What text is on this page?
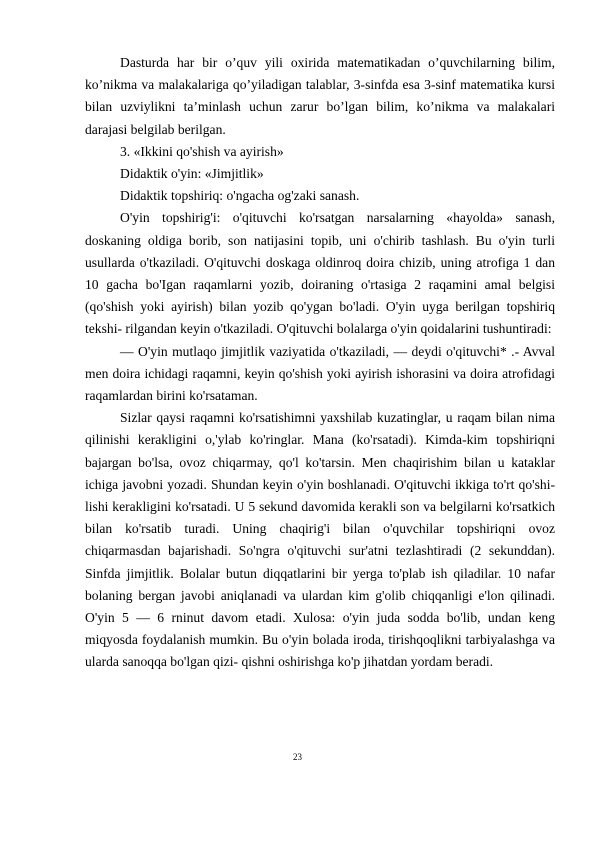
Dasturda har bir o’quv yili oxirida matematikadan o’quvchilarning bilim, ko’nikma va malakalariga qo’yiladigan talablar, 3-sinfda esa 3-sinf matematika kursi bilan uzviylikni ta’minlash uchun zarur bo’lgan bilim, ko’nikma va malakalari darajasi belgilab berilgan.

3. «Ikkini qo'shish va ayirish»

Didaktik o'yin: «Jimjitlik»

Didaktik topshiriq: o'ngacha og'zaki sanash.

O'yin topshirig'i: o'qituvchi ko'rsatgan narsalarning «hayolda» sanash, doskaning oldiga borib, son natijasini topib, uni o'chirib tashlash. Bu o'yin turli usullarda o'tkaziladi. O'qituvchi doskaga oldinroq doira chizib, uning atrofiga 1 dan 10 gacha bo'Igan raqamlarni yozib, doiraning o'rtasiga 2 raqamini amal belgisi (qo'shish yoki ayirish) bilan yozib qo'ygan bo'ladi. O'yin uyga berilgan topshiriq tekshi- rilgandan keyin o'tkaziladi. O'qituvchi bolalarga o'yin qoidalarini tushuntiradi:

— O'yin mutlaqo jimjitlik vaziyatida o'tkaziladi, — deydi o'qituvchi* .- Avval men doira ichidagi raqamni, keyin qo'shish yoki ayirish ishorasini va doira atrofidagi raqamlardan birini ko'rsataman.

Sizlar qaysi raqamni ko'rsatishimni yaxshilab kuzatinglar, u raqam bilan nima qilinishi kerakligini o,'ylab ko'ringlar. Mana (ko'rsatadi). Kimda-kim topshiriqni bajargan bo'lsa, ovoz chiqarmay, qo'l ko'tarsin. Men chaqirishim bilan u kataklar ichiga javobni yozadi. Shundan keyin o'yin boshlanadi. O'qituvchi ikkiga to'rt qo'shi- lishi kerakligini ko'rsatadi. U 5 sekund davomida kerakli son va belgilarni ko'rsatkich bilan ko'rsatib turadi. Uning chaqirig'i bilan o'quvchilar topshiriqni ovoz chiqarmasdan bajarishadi. So'ngra o'qituvchi sur'atni tezlashtiradi (2 sekunddan). Sinfda jimjitlik. Bolalar butun diqqatlarini bir yerga to'plab ish qiladilar. 10 nafar bolaning bergan javobi aniqlanadi va ulardan kim g'olib chiqqanligi e'lon qilinadi. O'yin 5 — 6 rninut davom etadi. Xulosa: o'yin juda sodda bo'lib, undan keng miqyosda foydalanish mumkin. Bu o'yin bolada iroda, tirishqoqlikni tarbiyalashga va ularda sanoqqa bo'lgan qizi- qishni oshirishga ko'p jihatdan yordam beradi.

23
